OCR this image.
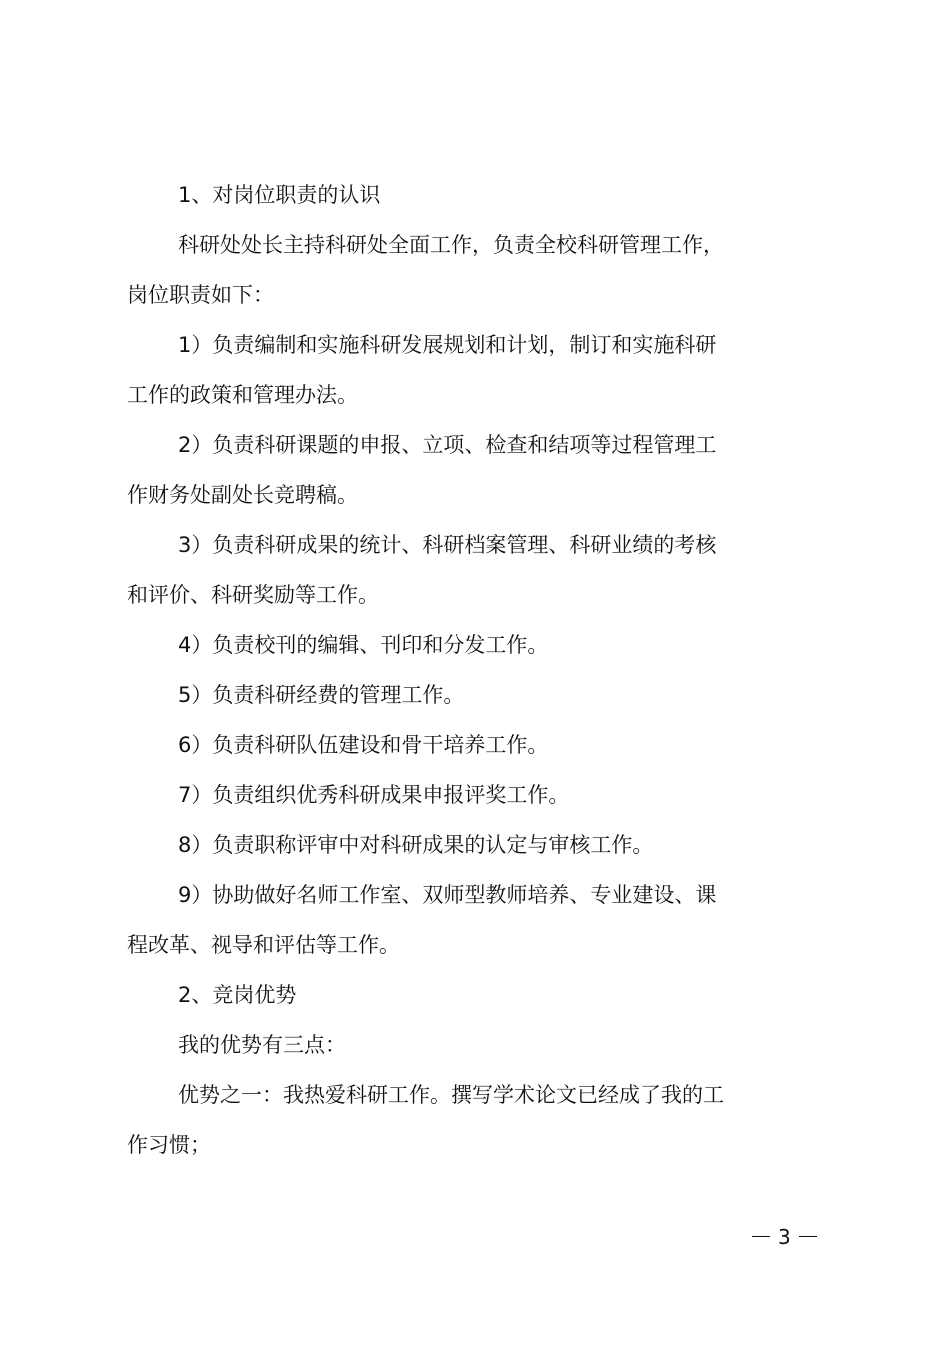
1、对岗位职责的认识
科研处处长主持科研处全面工作，负责全校科研管理工作，
岗位职责如下：
1）负责编制和实施科研发展规划和计划，制订和实施科研
工作的政策和管理办法。
2）负责科研课题的申报、立项、检查和结项等过程管理工
作财务处副处长竞聘稿。
3）负责科研成果的统计、科研档案管理、科研业绩的考核
和评价、科研奖励等工作。
4）负责校刊的编辑、刊印和分发工作。
5）负责科研经费的管理工作。
6）负责科研队伍建设和骨干培养工作。
7）负责组织优秀科研成果申报评奖工作。
8）负责职称评审中对科研成果的认定与审核工作。
9）协助做好名师工作室、双师型教师培养、专业建设、课
程改革、视导和评估等工作。
2、竞岗优势
我的优势有三点：
优势之一：我热爱科研工作。撰写学术论文已经成了我的工
作习惯；
3
